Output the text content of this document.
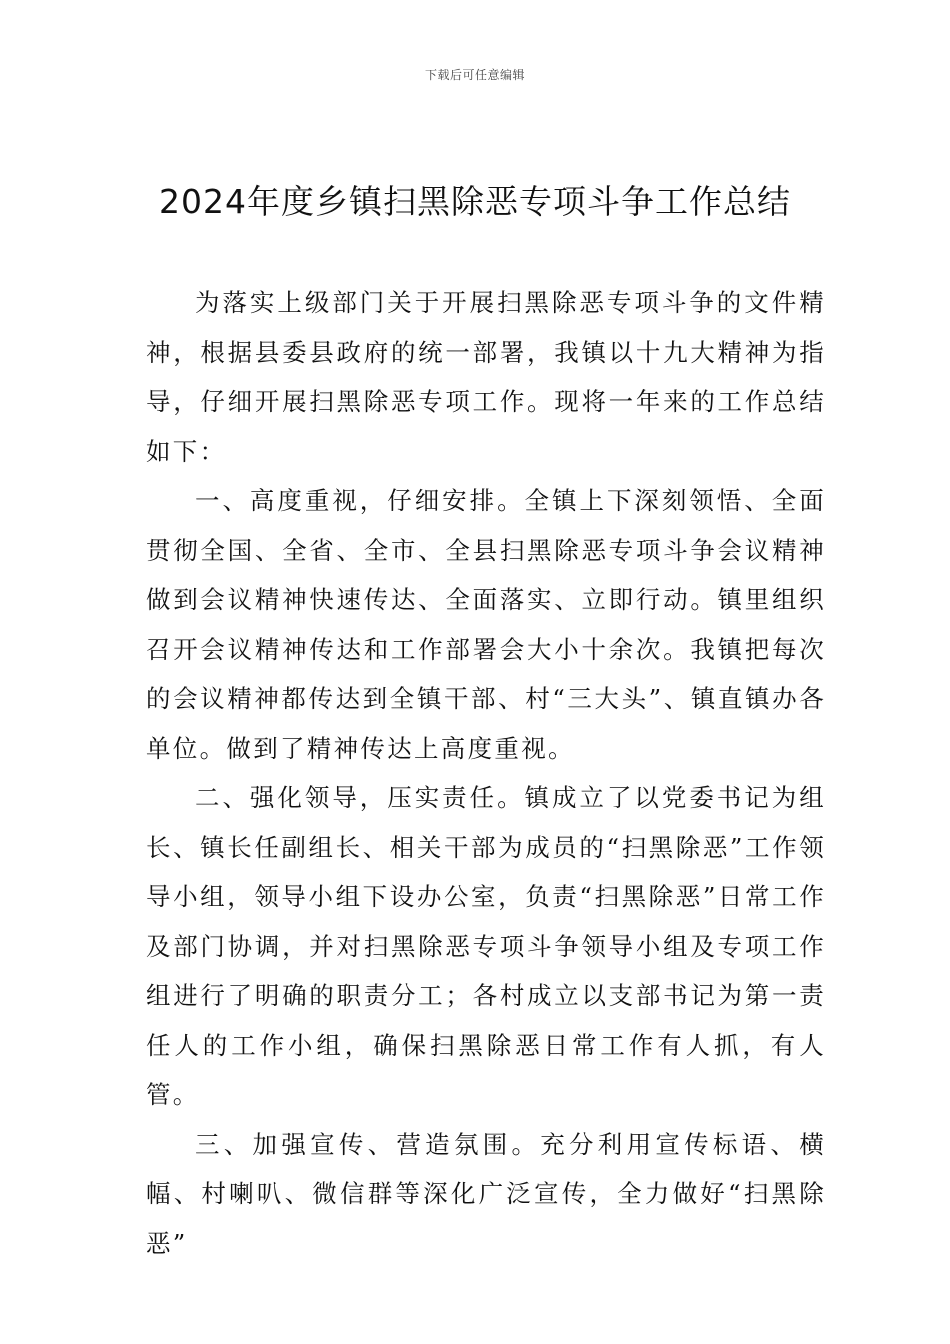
下载后可任意编辑
2024年度乡镇扫黑除恶专项斗争工作总结

为落实上级部门关于开展扫黑除恶专项斗争的文件精神，根据县委县政府的统一部署，我镇以十九大精神为指导，仔细开展扫黑除恶专项工作。现将一年来的工作总结如下：

一、高度重视，仔细安排。全镇上下深刻领悟、全面贯彻全国、全省、全市、全县扫黑除恶专项斗争会议精神做到会议精神快速传达、全面落实、立即行动。镇里组织召开会议精神传达和工作部署会大小十余次。我镇把每次的会议精神都传达到全镇干部、村“三大头”、镇直镇办各单位。做到了精神传达上高度重视。

二、强化领导，压实责任。镇成立了以党委书记为组长、镇长任副组长、相关干部为成员的“扫黑除恶”工作领导小组，领导小组下设办公室，负责“扫黑除恶”日常工作及部门协调，并对扫黑除恶专项斗争领导小组及专项工作组进行了明确的职责分工；各村成立以支部书记为第一责任人的工作小组，确保扫黑除恶日常工作有人抓，有人管。

三、加强宣传、营造氛围。充分利用宣传标语、横幅、村喇叭、微信群等深化广泛宣传，全力做好“扫黑除恶”
